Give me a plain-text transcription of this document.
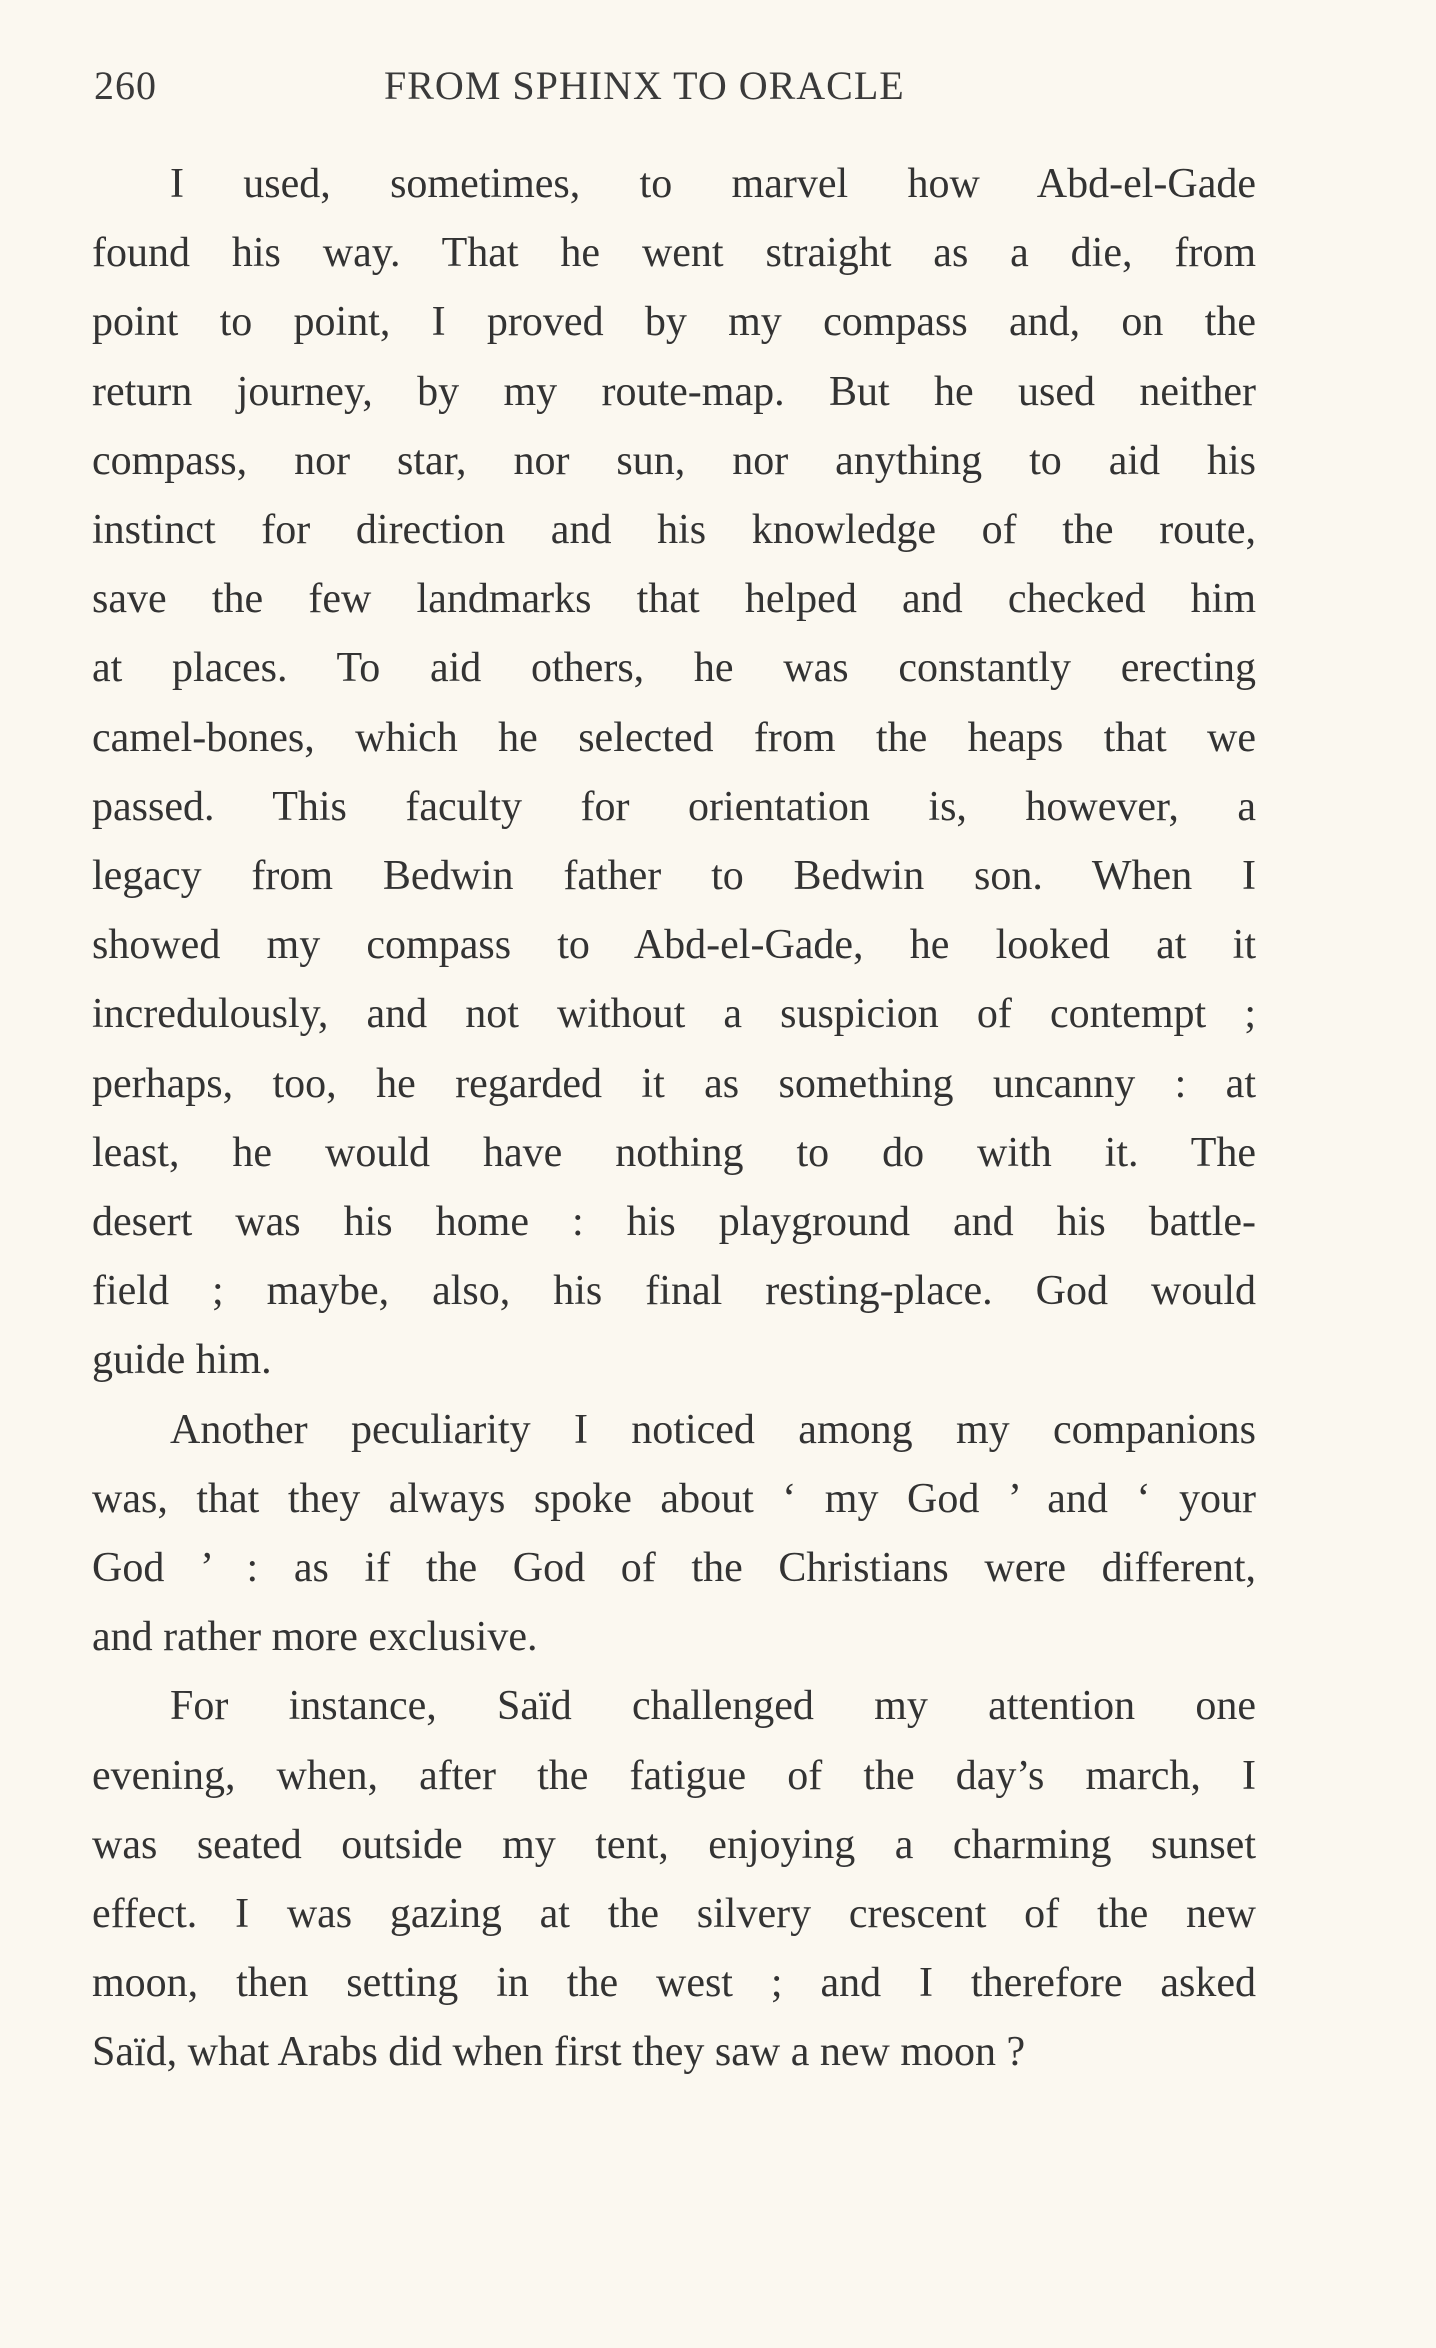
260	FROM SPHINX TO ORACLE
I used, sometimes, to marvel how Abd-el-Gade
found his way. That he went straight as a die, from
point to point, I proved by my compass and, on the
return journey, by my route-map. But he used neither
compass, nor star, nor sun, nor anything to aid his
instinct for direction and his knowledge of the route,
save the few landmarks that helped and checked him
at places. To aid others, he was constantly erecting
camel-bones, which he selected from the heaps that we
passed. This faculty for orientation is, however, a
legacy from Bedwin father to Bedwin son. When I
showed my compass to Abd-el-Gade, he looked at it
incredulously, and not without a suspicion of contempt ;
perhaps, too, he regarded it as something uncanny : at
least, he would have nothing to do with it. The
desert was his home : his playground and his battle-
field ; maybe, also, his final resting-place. God would
guide him.
Another peculiarity I noticed among my companions
was, that they always spoke about ‘ my God ’ and ‘ your
God ’ : as if the God of the Christians were different,
and rather more exclusive.
For instance, Saïd challenged my attention one
evening, when, after the fatigue of the day’s march, I
was seated outside my tent, enjoying a charming sunset
effect. I was gazing at the silvery crescent of the new
moon, then setting in the west ; and I therefore asked
Saïd, what Arabs did when first they saw a new moon ?
